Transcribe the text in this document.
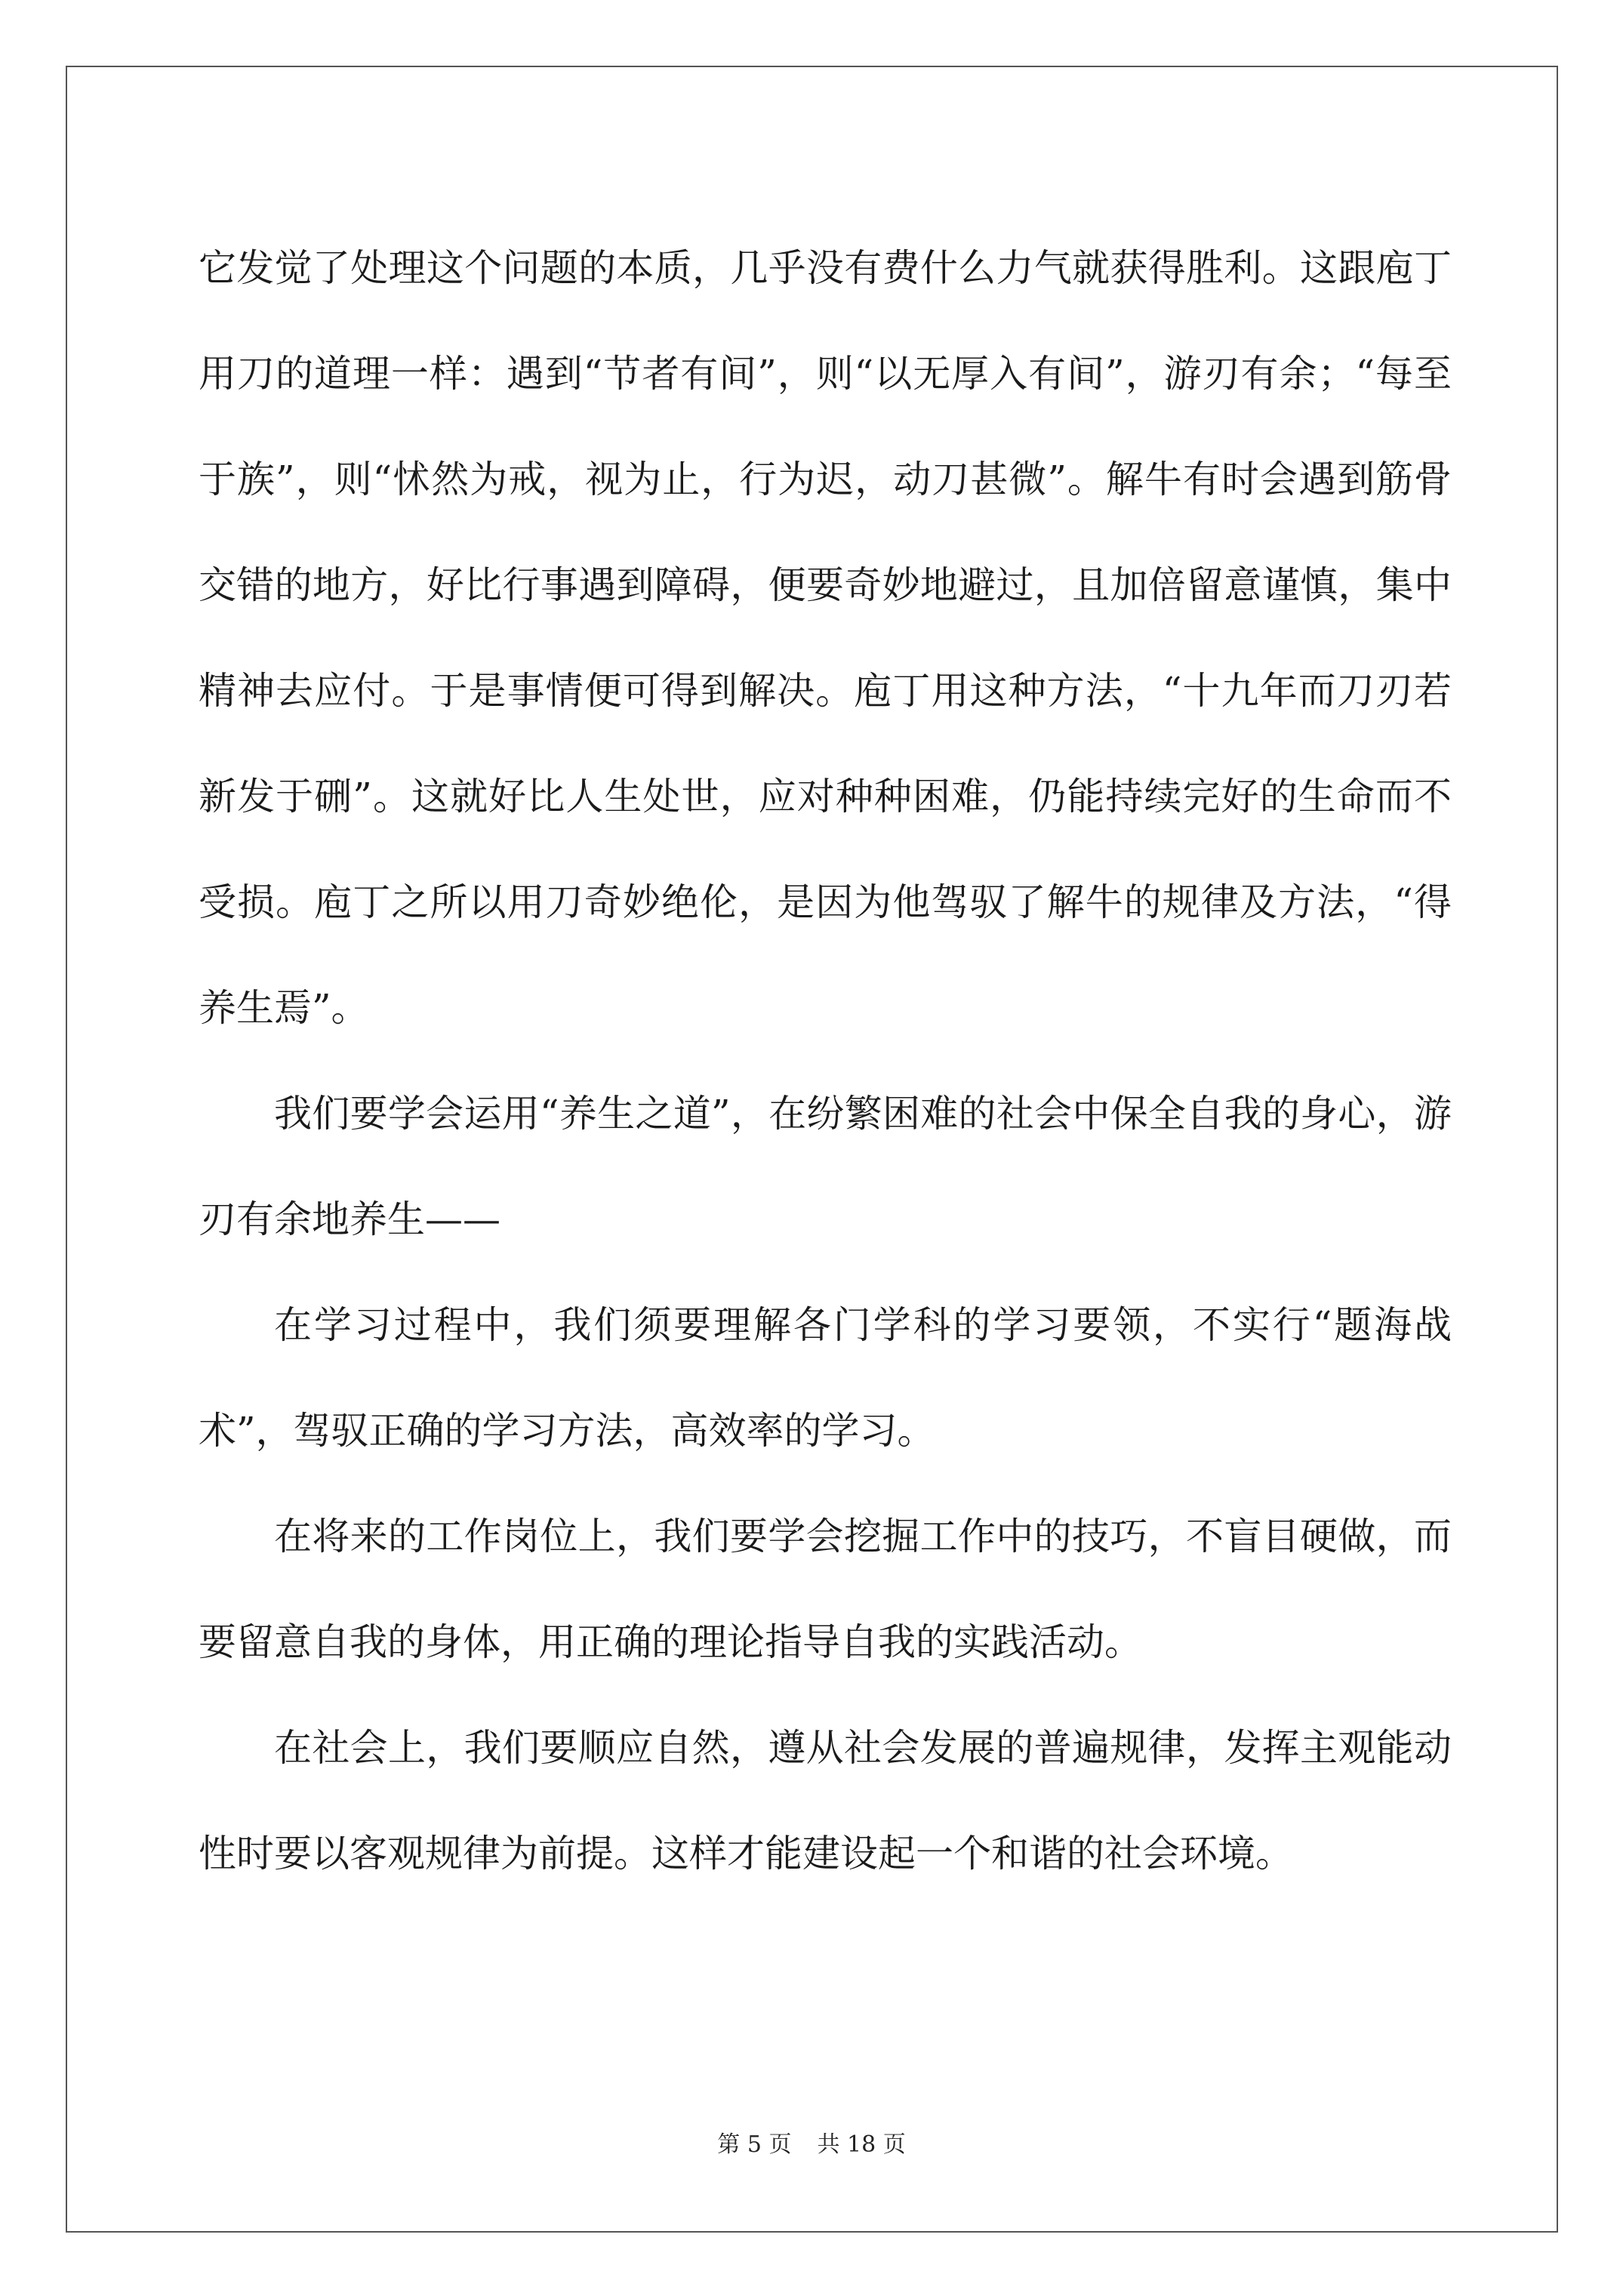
它发觉了处理这个问题的本质，几乎没有费什么力气就获得胜利。这跟庖丁用刀的道理一样：遇到“节者有间”，则“以无厚入有间”，游刃有余；“每至于族”，则“怵然为戒，视为止，行为迟，动刀甚微”。解牛有时会遇到筋骨交错的地方，好比行事遇到障碍，便要奇妙地避过，且加倍留意谨慎，集中精神去应付。于是事情便可得到解决。庖丁用这种方法，“十九年而刀刃若新发于硎”。这就好比人生处世，应对种种困难，仍能持续完好的生命而不受损。庖丁之所以用刀奇妙绝伦，是因为他驾驭了解牛的规律及方法，“得养生焉”。

我们要学会运用“养生之道”，在纷繁困难的社会中保全自我的身心，游刃有余地养生——

在学习过程中，我们须要理解各门学科的学习要领，不实行“题海战术”，驾驭正确的学习方法，高效率的学习。

在将来的工作岗位上，我们要学会挖掘工作中的技巧，不盲目硬做，而要留意自我的身体，用正确的理论指导自我的实践活动。

在社会上，我们要顺应自然，遵从社会发展的普遍规律，发挥主观能动性时要以客观规律为前提。这样才能建设起一个和谐的社会环境。

第 5 页 共 18 页
